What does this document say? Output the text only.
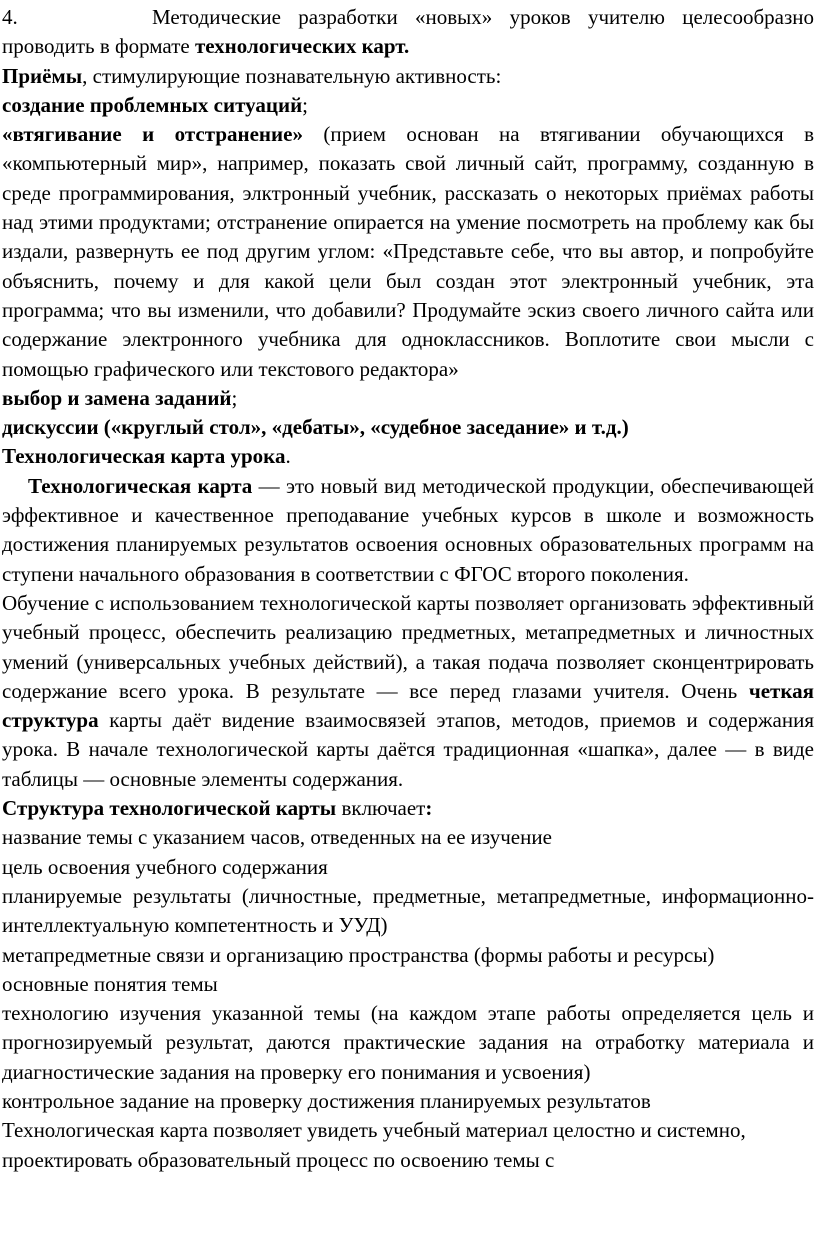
4.	Методические разработки «новых» уроков учителю целесообразно проводить в формате технологических карт.

Приёмы, стимулирующие познавательную активность:

создание проблемных ситуаций;

«втягивание и отстранение» (прием основан на втягивании обучающихся в «компьютерный мир», например, показать свой личный сайт, программу, созданную в среде программирования, элктронный учебник, рассказать о некоторых приёмах работы над этими продуктами; отстранение опирается на умение посмотреть на проблему как бы издали, развернуть ее под другим углом: «Представьте себе, что вы автор, и попробуйте объяснить, почему и для какой цели был создан этот электронный учебник, эта программа; что вы изменили, что добавили? Продумайте эскиз своего личного сайта или содержание электронного учебника для одноклассников. Воплотите свои мысли с помощью графического или текстового редактора»

выбор и замена заданий;

дискуссии («круглый стол», «дебаты», «судебное заседание» и т.д.)

Технологическая карта урока.

Технологическая карта — это новый вид методической продукции, обеспечивающей эффективное и качественное преподавание учебных курсов в школе и возможность достижения планируемых результатов освоения основных образовательных программ на ступени начального образования в соответствии с ФГОС второго поколения.

Обучение с использованием технологической карты позволяет организовать эффективный учебный процесс, обеспечить реализацию предметных, метапредметных и личностных умений (универсальных учебных действий), а такая подача позволяет сконцентрировать содержание всего урока. В результате — все перед глазами учителя. Очень четкая структура карты даёт видение взаимосвязей этапов, методов, приемов и содержания урока. В начале технологической карты даётся традиционная «шапка», далее — в виде таблицы — основные элементы содержания.

Структура технологической карты включает:

название темы с указанием часов, отведенных на ее изучение

цель освоения учебного содержания

планируемые результаты (личностные, предметные, метапредметные, информационно-интеллектуальную компетентность и УУД)

метапредметные связи и организацию пространства (формы работы и ресурсы)

основные понятия темы

технологию изучения указанной темы (на каждом этапе работы определяется цель и прогнозируемый результат, даются практические задания на отработку материала и диагностические задания на проверку его понимания и усвоения)

контрольное задание на проверку достижения планируемых результатов

Технологическая карта позволяет увидеть учебный материал целостно и системно, проектировать образовательный процесс по освоению темы с
